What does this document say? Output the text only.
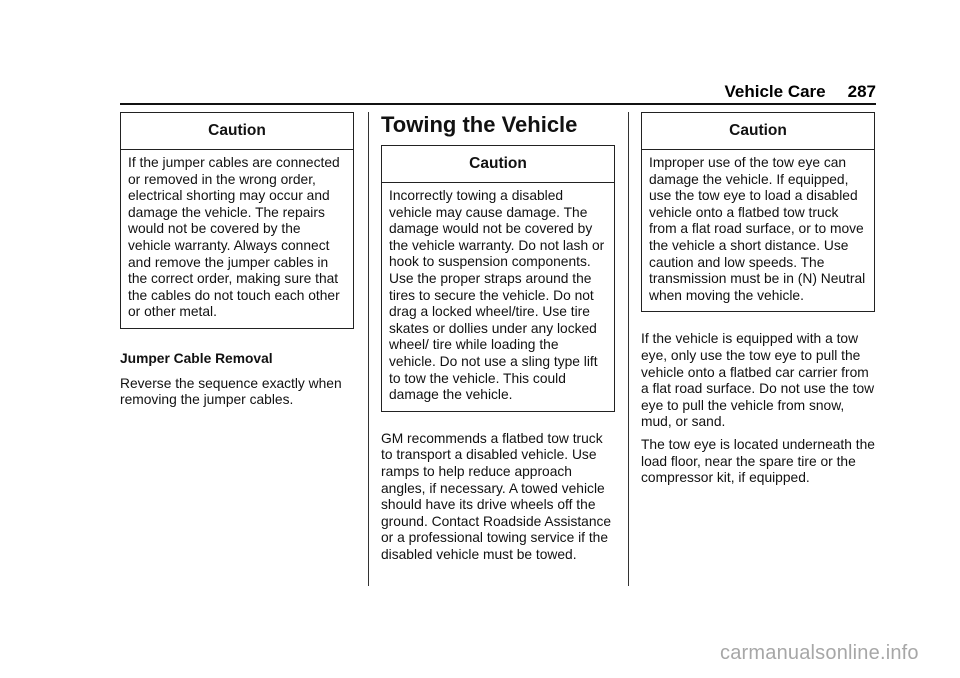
Vehicle Care 287
Caution
If the jumper cables are connected or removed in the wrong order, electrical shorting may occur and damage the vehicle. The repairs would not be covered by the vehicle warranty. Always connect and remove the jumper cables in the correct order, making sure that the cables do not touch each other or other metal.

Jumper Cable Removal

Reverse the sequence exactly when removing the jumper cables.

Towing the Vehicle
Caution
Incorrectly towing a disabled vehicle may cause damage. The damage would not be covered by the vehicle warranty. Do not lash or hook to suspension components. Use the proper straps around the tires to secure the vehicle. Do not drag a locked wheel/tire. Use tire skates or dollies under any locked wheel/ tire while loading the vehicle. Do not use a sling type lift to tow the vehicle. This could damage the vehicle.

GM recommends a flatbed tow truck to transport a disabled vehicle. Use ramps to help reduce approach angles, if necessary. A towed vehicle should have its drive wheels off the ground. Contact Roadside Assistance or a professional towing service if the disabled vehicle must be towed.

Caution
Improper use of the tow eye can damage the vehicle. If equipped, use the tow eye to load a disabled vehicle onto a flatbed tow truck from a flat road surface, or to move the vehicle a short distance. Use caution and low speeds. The transmission must be in (N) Neutral when moving the vehicle.

If the vehicle is equipped with a tow eye, only use the tow eye to pull the vehicle onto a flatbed car carrier from a flat road surface. Do not use the tow eye to pull the vehicle from snow, mud, or sand.

The tow eye is located underneath the load floor, near the spare tire or the compressor kit, if equipped.

carmanualsonline.info
